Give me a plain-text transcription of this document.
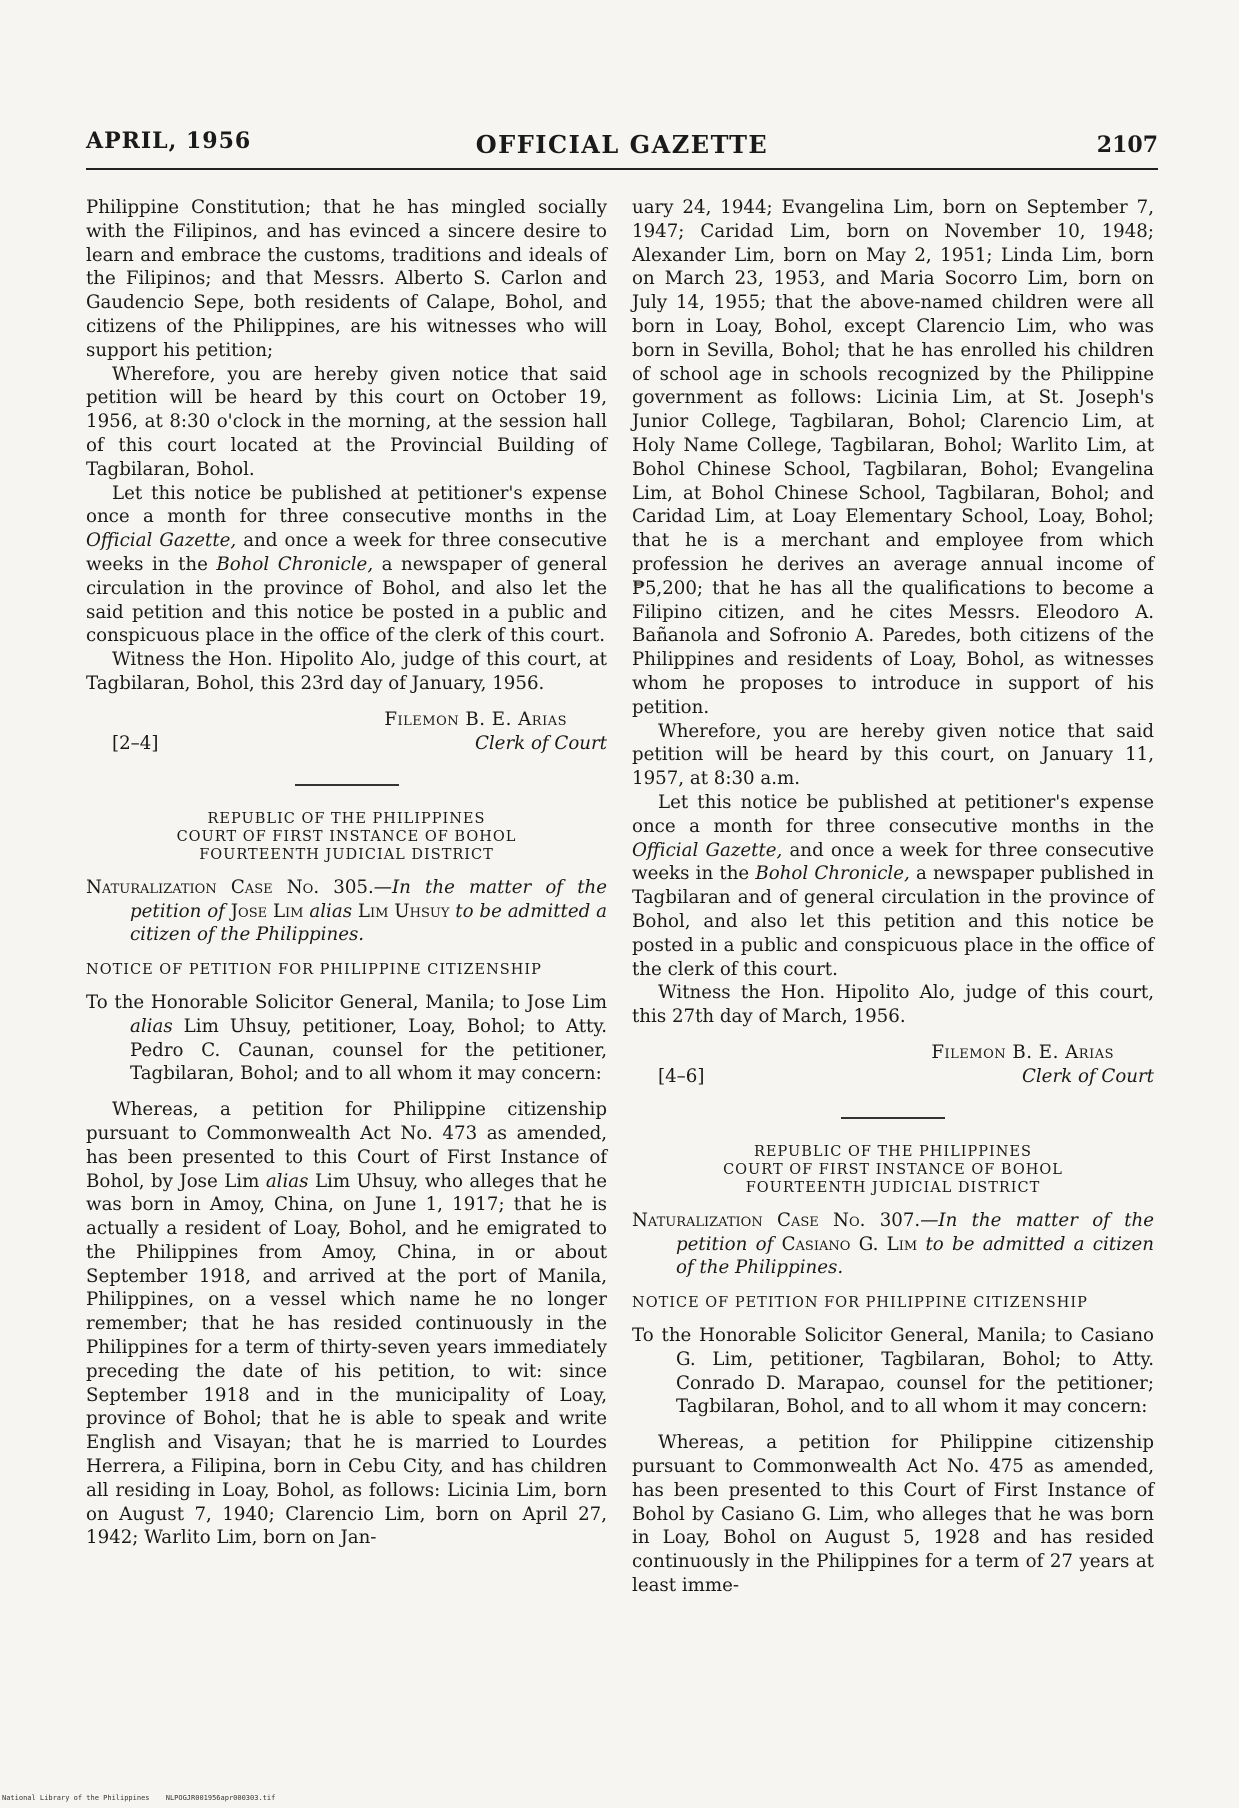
APRIL, 1956	OFFICIAL GAZETTE	2107

Philippine Constitution; that he has mingled socially with the Filipinos, and has evinced a sincere desire to learn and embrace the customs, traditions and ideals of the Filipinos; and that Messrs. Alberto S. Carlon and Gaudencio Sepe, both residents of Calape, Bohol, and citizens of the Philippines, are his witnesses who will support his petition;

Wherefore, you are hereby given notice that said petition will be heard by this court on October 19, 1956, at 8:30 o'clock in the morning, at the session hall of this court located at the Provincial Building of Tagbilaran, Bohol.

Let this notice be published at petitioner's expense once a month for three consecutive months in the Official Gazette, and once a week for three consecutive weeks in the Bohol Chronicle, a newspaper of general circulation in the province of Bohol, and also let the said petition and this notice be posted in a public and conspicuous place in the office of the clerk of this court.

Witness the Hon. Hipolito Alo, judge of this court, at Tagbilaran, Bohol, this 23rd day of January, 1956.

Filemon B. E. Arias
[2–4]	Clerk of Court
REPUBLIC OF THE PHILIPPINES
COURT OF FIRST INSTANCE OF BOHOL
FOURTEENTH JUDICIAL DISTRICT

Naturalization Case No. 305.—In the matter of the petition of Jose Lim alias Lim Uhsuy to be admitted a citizen of the Philippines.

NOTICE OF PETITION FOR PHILIPPINE CITIZENSHIP

To the Honorable Solicitor General, Manila; to Jose Lim alias Lim Uhsuy, petitioner, Loay, Bohol; to Atty. Pedro C. Caunan, counsel for the petitioner, Tagbilaran, Bohol; and to all whom it may concern:

Whereas, a petition for Philippine citizenship pursuant to Commonwealth Act No. 473 as amended, has been presented to this Court of First Instance of Bohol, by Jose Lim alias Lim Uhsuy, who alleges that he was born in Amoy, China, on June 1, 1917; that he is actually a resident of Loay, Bohol, and he emigrated to the Philippines from Amoy, China, in or about September 1918, and arrived at the port of Manila, Philippines, on a vessel which name he no longer remember; that he has resided continuously in the Philippines for a term of thirty-seven years immediately preceding the date of his petition, to wit: since September 1918 and in the municipality of Loay, province of Bohol; that he is able to speak and write English and Visayan; that he is married to Lourdes Herrera, a Filipina, born in Cebu City, and has children all residing in Loay, Bohol, as follows: Licinia Lim, born on August 7, 1940; Clarencio Lim, born on April 27, 1942; Warlito Lim, born on Jan-

uary 24, 1944; Evangelina Lim, born on September 7, 1947; Caridad Lim, born on November 10, 1948; Alexander Lim, born on May 2, 1951; Linda Lim, born on March 23, 1953, and Maria Socorro Lim, born on July 14, 1955; that the above-named children were all born in Loay, Bohol, except Clarencio Lim, who was born in Sevilla, Bohol; that he has enrolled his children of school age in schools recognized by the Philippine government as follows: Licinia Lim, at St. Joseph's Junior College, Tagbilaran, Bohol; Clarencio Lim, at Holy Name College, Tagbilaran, Bohol; Warlito Lim, at Bohol Chinese School, Tagbilaran, Bohol; Evangelina Lim, at Bohol Chinese School, Tagbilaran, Bohol; and Caridad Lim, at Loay Elementary School, Loay, Bohol; that he is a merchant and employee from which profession he derives an average annual income of ₱5,200; that he has all the qualifications to become a Filipino citizen, and he cites Messrs. Eleodoro A. Bañanola and Sofronio A. Paredes, both citizens of the Philippines and residents of Loay, Bohol, as witnesses whom he proposes to introduce in support of his petition.

Wherefore, you are hereby given notice that said petition will be heard by this court, on January 11, 1957, at 8:30 a.m.

Let this notice be published at petitioner's expense once a month for three consecutive months in the Official Gazette, and once a week for three consecutive weeks in the Bohol Chronicle, a newspaper published in Tagbilaran and of general circulation in the province of Bohol, and also let this petition and this notice be posted in a public and conspicuous place in the office of the clerk of this court.

Witness the Hon. Hipolito Alo, judge of this court, this 27th day of March, 1956.

Filemon B. E. Arias
[4–6]	Clerk of Court
REPUBLIC OF THE PHILIPPINES
COURT OF FIRST INSTANCE OF BOHOL
FOURTEENTH JUDICIAL DISTRICT

Naturalization Case No. 307.—In the matter of the petition of Casiano G. Lim to be admitted a citizen of the Philippines.

NOTICE OF PETITION FOR PHILIPPINE CITIZENSHIP

To the Honorable Solicitor General, Manila; to Casiano G. Lim, petitioner, Tagbilaran, Bohol; to Atty. Conrado D. Marapao, counsel for the petitioner; Tagbilaran, Bohol, and to all whom it may concern:

Whereas, a petition for Philippine citizenship pursuant to Commonwealth Act No. 475 as amended, has been presented to this Court of First Instance of Bohol by Casiano G. Lim, who alleges that he was born in Loay, Bohol on August 5, 1928 and has resided continuously in the Philippines for a term of 27 years at least imme-

National Library of the Philippines NLPOGJR001956apr000303.tif
